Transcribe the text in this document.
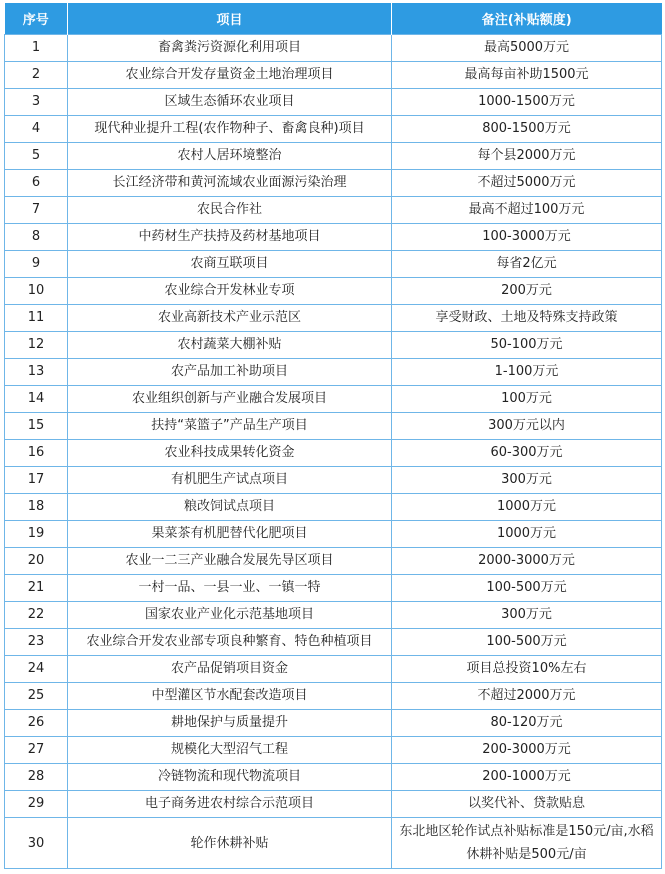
序号	项目	备注(补贴额度)
1	畜禽粪污资源化利用项目	最高5000万元
2	农业综合开发存量资金土地治理项目	最高每亩补助1500元
3	区域生态循环农业项目	1000-1500万元
4	现代种业提升工程(农作物种子、畜禽良种)项目	800-1500万元
5	农村人居环境整治	每个县2000万元
6	长江经济带和黄河流域农业面源污染治理	不超过5000万元
7	农民合作社	最高不超过100万元
8	中药材生产扶持及药材基地项目	100-3000万元
9	农商互联项目	每省2亿元
10	农业综合开发林业专项	200万元
11	农业高新技术产业示范区	享受财政、土地及特殊支持政策
12	农村蔬菜大棚补贴	50-100万元
13	农产品加工补助项目	1-100万元
14	农业组织创新与产业融合发展项目	100万元
15	扶持“菜篮子”产品生产项目	300万元以内
16	农业科技成果转化资金	60-300万元
17	有机肥生产试点项目	300万元
18	粮改饲试点项目	1000万元
19	果菜茶有机肥替代化肥项目	1000万元
20	农业一二三产业融合发展先导区项目	2000-3000万元
21	一村一品、一县一业、一镇一特	100-500万元
22	国家农业产业化示范基地项目	300万元
23	农业综合开发农业部专项良种繁育、特色种植项目	100-500万元
24	农产品促销项目资金	项目总投资10%左右
25	中型灌区节水配套改造项目	不超过2000万元
26	耕地保护与质量提升	80-120万元
27	规模化大型沼气工程	200-3000万元
28	冷链物流和现代物流项目	200-1000万元
29	电子商务进农村综合示范项目	以奖代补、贷款贴息
30	轮作休耕补贴	东北地区轮作试点补贴标准是150元/亩,水稻休耕补贴是500元/亩
